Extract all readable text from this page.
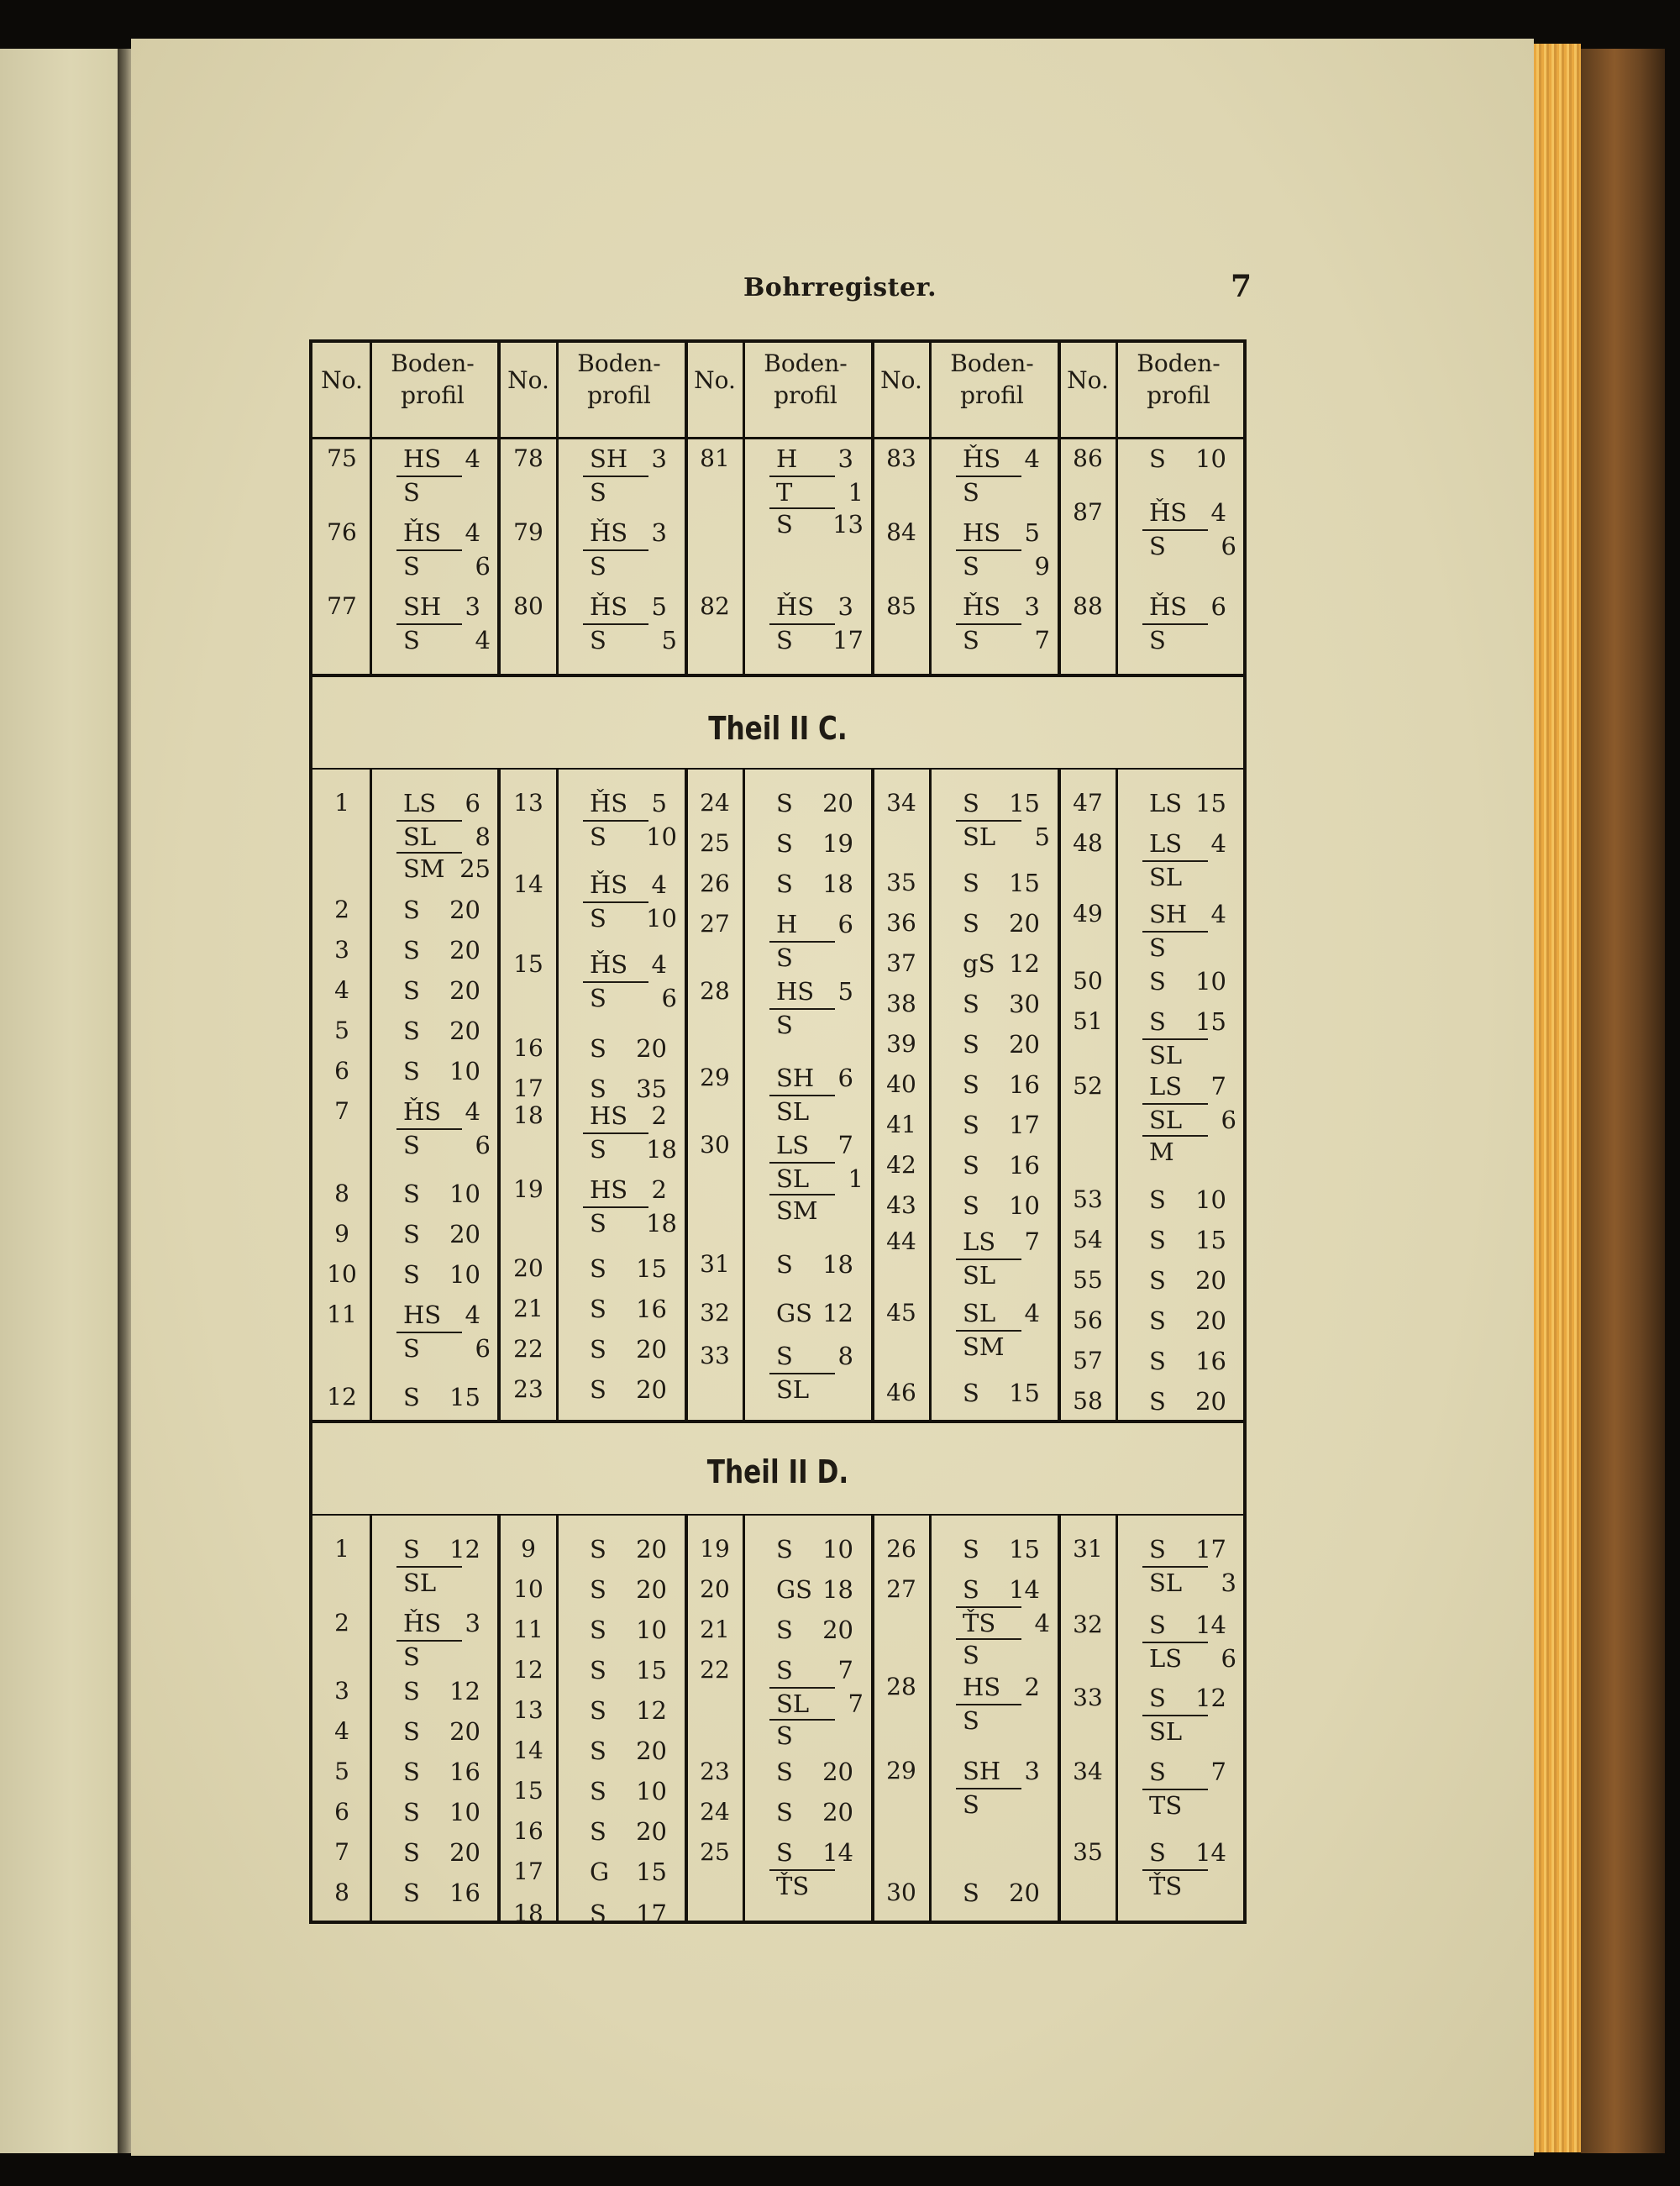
Bohrregister.	7
No.
Boden-
profil
No.
Boden-
profil
No.
Boden-
profil
No.
Boden-
profil
No.
Boden-
profil
75	HS 4
S
76	ȞS 4
S 6
77	SH 3
S 4
78	SH 3
S
79	ȞS 3
S
80	ȞS 5
S 5
81	H 3
T 1
S 13
82	ȞS 3
S 17
83	ȞS 4
S
84	HS 5
S 9
85	ȞS 3
S 7
86	S 10
87	ȞS 4
S 6
88	ȞS 6
S
Theil II C.
1	LS 6
SL 8
SM 25
2	S 20
3	S 20
4	S 20
5	S 20
6	S 10
7	ȞS 4
S 6
8	S 10
9	S 20
10	S 10
11	HS 4
S 6
12	S 15
13	ȞS 5
S 10
14	ȞS 4
S 10
15	ȞS 4
S 6
16	S 20
17	S 35
18	HS 2
S 18
19	HS 2
S 18
20	S 15
21	S 16
22	S 20
23	S 20
24	S 20
25	S 19
26	S 18
27	H 6
S
28	HS 5
S
29	SH 6
SL
30	LS 7
SL 1
SM
31	S 18
32	GS 12
33	S 8
SL
34	S 15
SL 5
35	S 15
36	S 20
37	gS 12
38	S 30
39	S 20
40	S 16
41	S 17
42	S 16
43	S 10
44	LS 7
SL
45	SL 4
SM
46	S 15
47	LS 15
48	LS 4
SL
49	SH 4
S
50	S 10
51	S 15
SL
52	LS 7
SL 6
M
53	S 10
54	S 15
55	S 20
56	S 20
57	S 16
58	S 20
Theil II D.
1	S 12
SL
2	ȞS 3
S
3	S 12
4	S 20
5	S 16
6	S 10
7	S 20
8	S 16
9	S 20
10	S 20
11	S 10
12	S 15
13	S 12
14	S 20
15	S 10
16	S 20
17	G 15
18	S 17
19	S 10
20	GS 18
21	S 20
22	S 7
SL 7
S
23	S 20
24	S 20
25	S 14
ŤS
26	S 15
27	S 14
ŤS 4
S
28	HS 2
S
29	SH 3
S
30	S 20
31	S 17
SL 3
32	S 14
LS 6
33	S 12
SL
34	S 7
TS
35	S 14
ŤS
